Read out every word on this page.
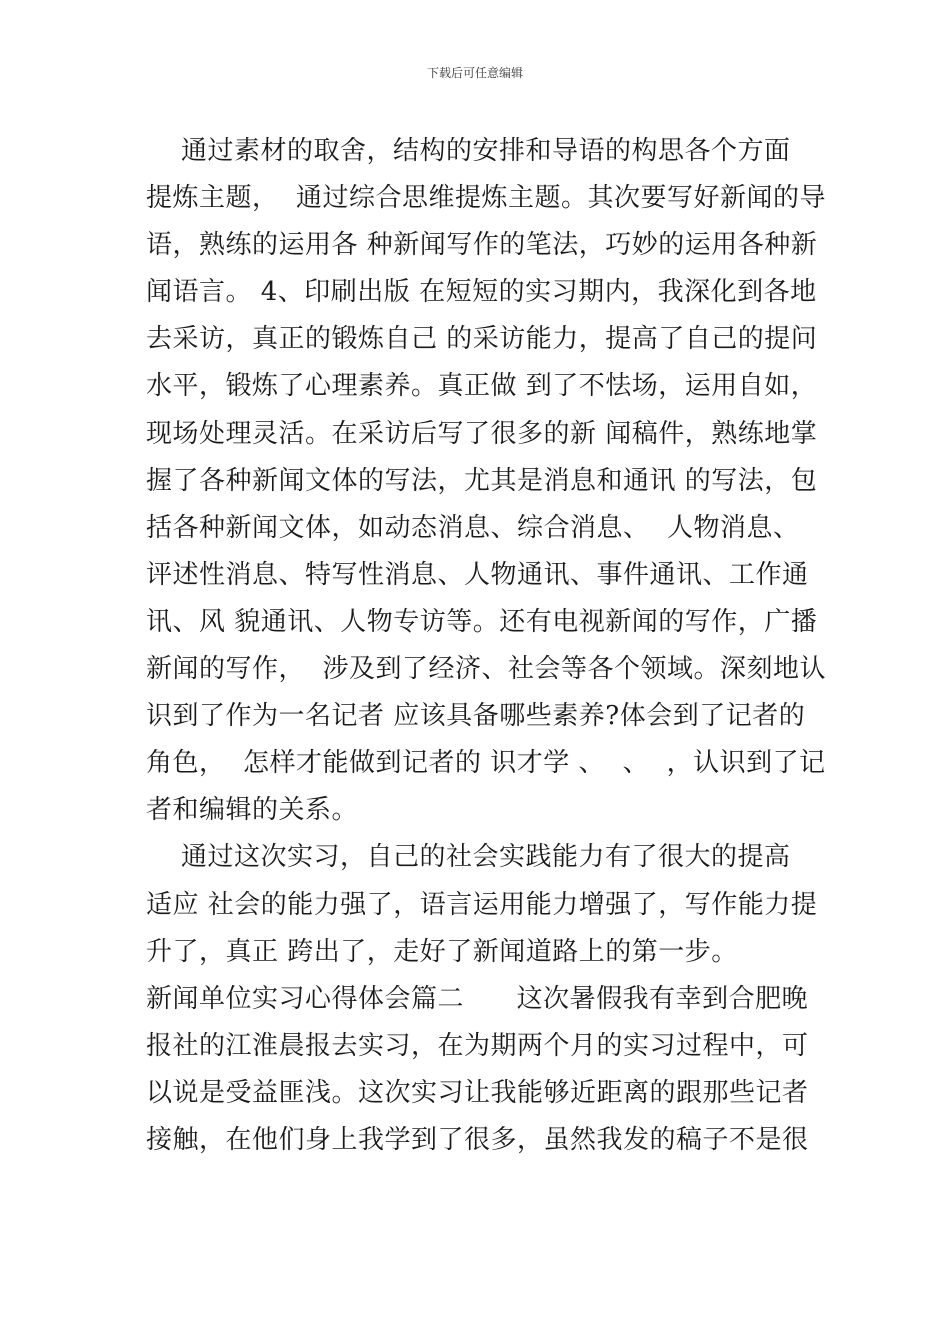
下载后可任意编辑
通过素材的取舍，结构的安排和导语的构思各个方面
提炼主题，  通过综合思维提炼主题。其次要写好新闻的导
语，熟练的运用各 种新闻写作的笔法，巧妙的运用各种新
闻语言。 4、印刷出版 在短短的实习期内，我深化到各地
去采访，真正的锻炼自己 的采访能力，提高了自己的提问
水平，锻炼了心理素养。真正做 到了不怯场，运用自如，
现场处理灵活。在采访后写了很多的新 闻稿件，熟练地掌
握了各种新闻文体的写法，尤其是消息和通讯 的写法，包
括各种新闻文体，如动态消息、综合消息、  人物消息、
评述性消息、特写性消息、人物通讯、事件通讯、工作通
讯、风 貌通讯、人物专访等。还有电视新闻的写作，广播
新闻的写作，  涉及到了经济、社会等各个领域。深刻地认
识到了作为一名记者 应该具备哪些素养?体会到了记者的
角色，  怎样才能做到记者的 识才学 、  、  ，认识到了记
者和编辑的关系。
通过这次实习，自己的社会实践能力有了很大的提高
适应 社会的能力强了，语言运用能力增强了，写作能力提
升了，真正 跨出了，走好了新闻道路上的第一步。
新闻单位实习心得体会篇二      这次暑假我有幸到合肥晚
报社的江淮晨报去实习，在为期两个月的实习过程中，可
以说是受益匪浅。这次实习让我能够近距离的跟那些记者
接触，在他们身上我学到了很多，虽然我发的稿子不是很
